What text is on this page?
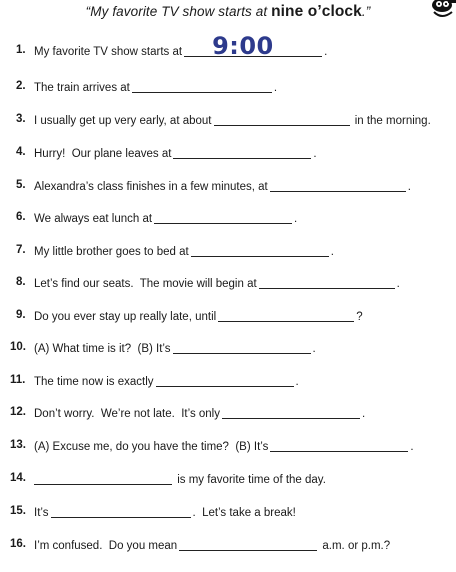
“My favorite TV show starts at nine o’clock.”
1. My favorite TV show starts at 9:00	.
2. The train arrives at	.
3. I usually get up very early, at about	in the morning.
4. Hurry!  Our plane leaves at	.
5. Alexandra’s class finishes in a few minutes, at	.
6. We always eat lunch at	.
7. My little brother goes to bed at	.
8. Let’s find our seats.  The movie will begin at	.
9. Do you ever stay up really late, until	?
10. (A) What time is it?  (B) It’s	.
11. The time now is exactly	.
12. Don’t worry.  We’re not late.  It’s only	.
13. (A) Excuse me, do you have the time?  (B) It’s	.
14.	is my favorite time of the day.
15. It’s	.  Let’s take a break!
16. I’m confused.  Do you mean	a.m. or p.m.?
